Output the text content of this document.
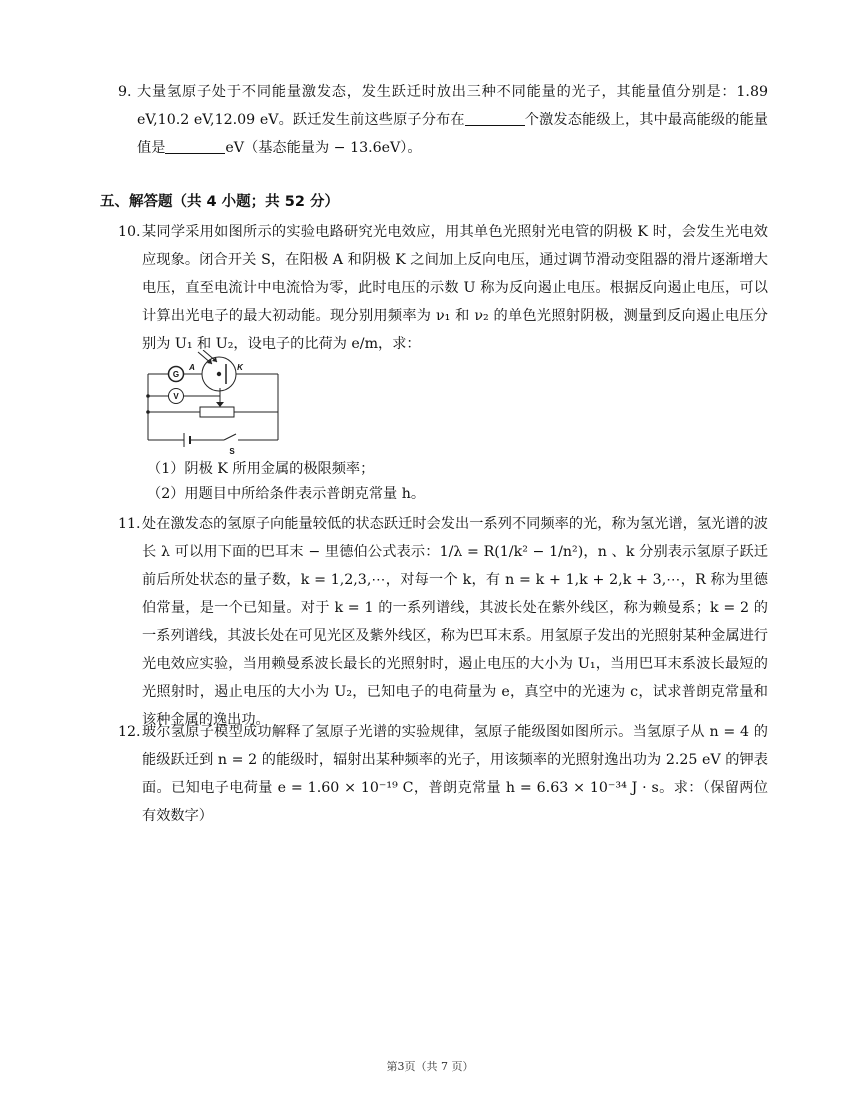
9. 大量氢原子处于不同能量激发态，发生跃迁时放出三种不同能量的光子，其能量值分别是：1.89 eV,10.2 eV,12.09 eV。跃迁发生前这些原子分布在	个激发态能级上，其中最高能级的能量值是	eV（基态能量为 − 13.6eV）。
五、解答题（共 4 小题；共 52 分）
10. 某同学采用如图所示的实验电路研究光电效应，用其单色光照射光电管的阴极 K 时，会发生光电效应现象。闭合开关 S，在阳极 A 和阴极 K 之间加上反向电压，通过调节滑动变阻器的滑片逐渐增大电压，直至电流计中电流恰为零，此时电压的示数 U 称为反向遏止电压。根据反向遏止电压，可以计算出光电子的最大初动能。现分别用频率为 ν₁ 和 ν₂ 的单色光照射阴极，测量到反向遏止电压分别为 U₁ 和 U₂，设电子的比荷为 e/m，求：
G
V
A	K
S
（1）阴极 K 所用金属的极限频率；
（2）用题目中所给条件表示普朗克常量 h。
11. 处在激发态的氢原子向能量较低的状态跃迁时会发出一系列不同频率的光，称为氢光谱，氢光谱的波长 λ 可以用下面的巴耳末 − 里德伯公式表示：1/λ = R(1/k² − 1/n²)，n 、k 分别表示氢原子跃迁前后所处状态的量子数，k = 1,2,3,⋯，对每一个 k，有 n = k + 1,k + 2,k + 3,⋯，R 称为里德伯常量，是一个已知量。对于 k = 1 的一系列谱线，其波长处在紫外线区，称为赖曼系；k = 2 的一系列谱线，其波长处在可见光区及紫外线区，称为巴耳末系。用氢原子发出的光照射某种金属进行光电效应实验，当用赖曼系波长最长的光照射时，遏止电压的大小为 U₁，当用巴耳末系波长最短的光照射时，遏止电压的大小为 U₂，已知电子的电荷量为 e，真空中的光速为 c，试求普朗克常量和该种金属的逸出功。
12. 玻尔氢原子模型成功解释了氢原子光谱的实验规律，氢原子能级图如图所示。当氢原子从 n = 4 的能级跃迁到 n = 2 的能级时，辐射出某种频率的光子，用该频率的光照射逸出功为 2.25 eV 的钾表面。已知电子电荷量 e = 1.60 × 10⁻¹⁹ C，普朗克常量 h = 6.63 × 10⁻³⁴ J · s。求：（保留两位有效数字）
第3页（共 7 页）
